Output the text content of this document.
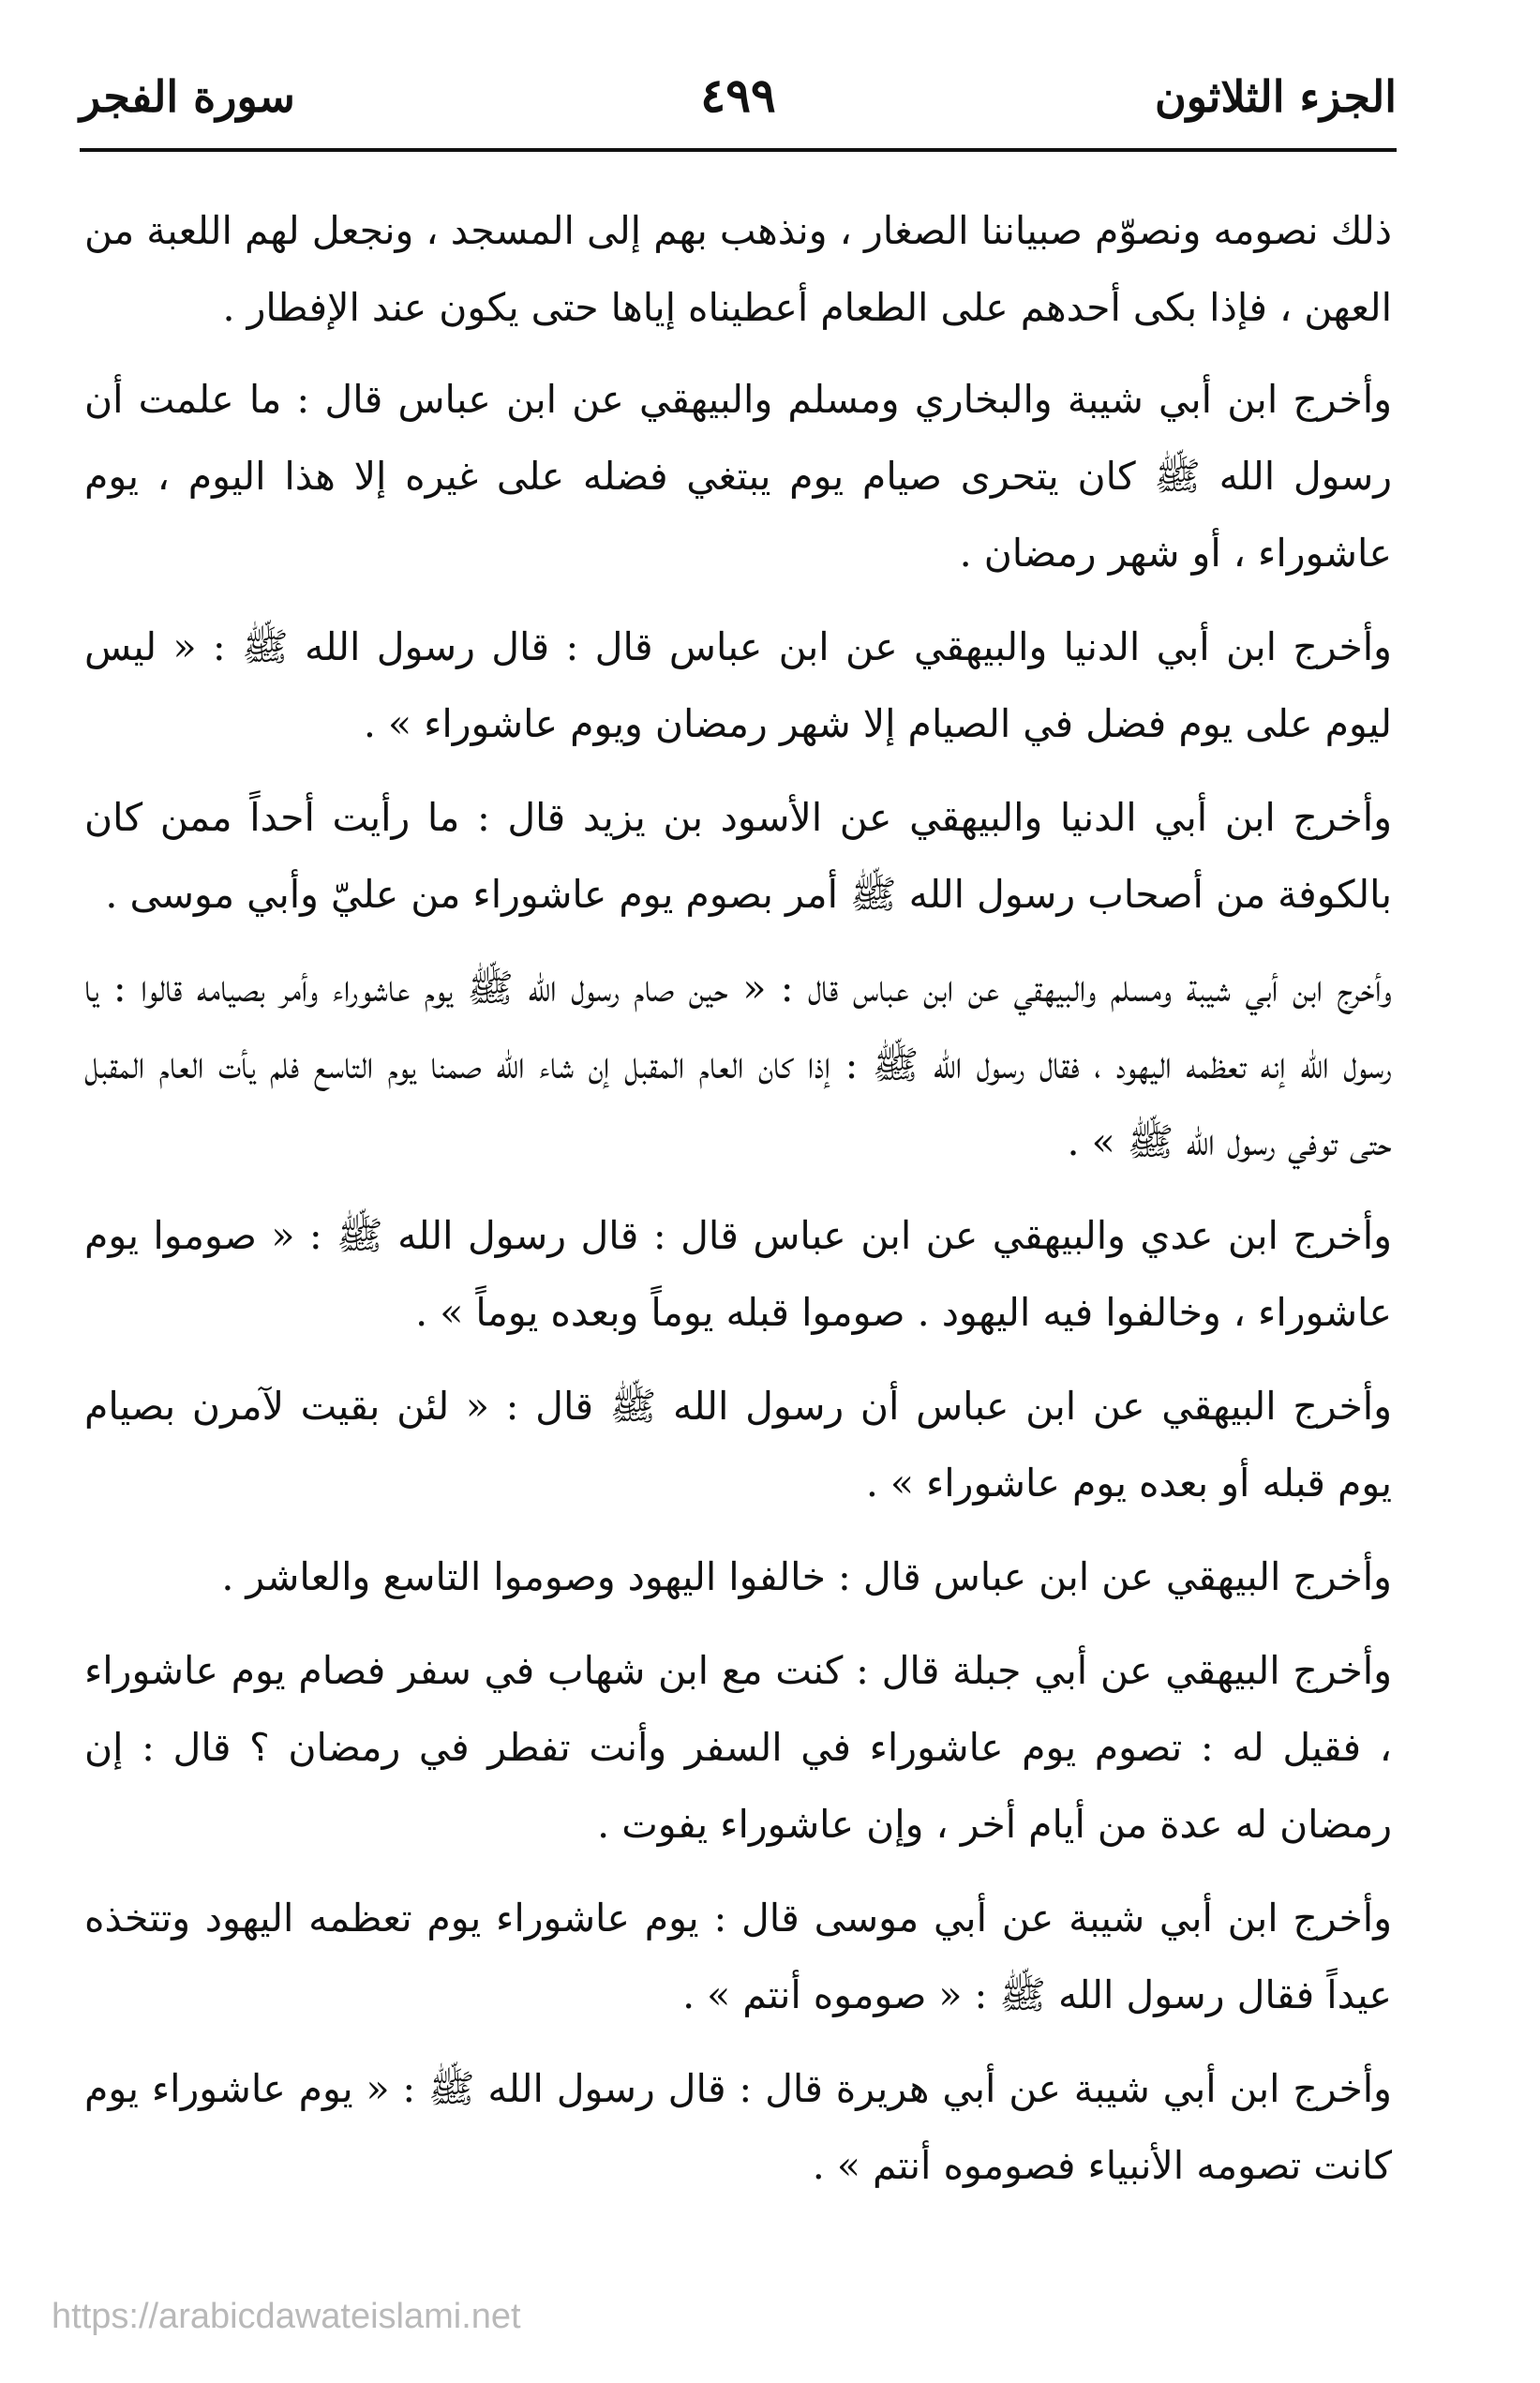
الجزء الثلاثون
٤٩٩
سورة الفجر

ذلك نصومه ونصوّم صبياننا الصغار ، ونذهب بهم إلى المسجد ، ونجعل لهم اللعبة من العهن ، فإذا بكى أحدهم على الطعام أعطيناه إياها حتى يكون عند الإفطار .

وأخرج ابن أبي شيبة والبخاري ومسلم والبيهقي عن ابن عباس قال : ما علمت أن رسول الله ﷺ كان يتحرى صيام يوم يبتغي فضله على غيره إلا هذا اليوم ، يوم عاشوراء ، أو شهر رمضان .

وأخرج ابن أبي الدنيا والبيهقي عن ابن عباس قال : قال رسول الله ﷺ : « ليس ليوم على يوم فضل في الصيام إلا شهر رمضان ويوم عاشوراء » .

وأخرج ابن أبي الدنيا والبيهقي عن الأسود بن يزيد قال : ما رأيت أحداً ممن كان بالكوفة من أصحاب رسول الله ﷺ أمر بصوم يوم عاشوراء من عليّ وأبي موسى .

وأخرج ابن أبي شيبة ومسلم والبيهقي عن ابن عباس قال : « حين صام رسول الله ﷺ يوم عاشوراء وأمر بصيامه قالوا : يا رسول الله إنه تعظمه اليهود ، فقال رسول الله ﷺ : إذا كان العام المقبل إن شاء الله صمنا يوم التاسع فلم يأت العام المقبل حتى توفي رسول الله ﷺ » .

وأخرج ابن عدي والبيهقي عن ابن عباس قال : قال رسول الله ﷺ : « صوموا يوم عاشوراء ، وخالفوا فيه اليهود . صوموا قبله يوماً وبعده يوماً » .

وأخرج البيهقي عن ابن عباس أن رسول الله ﷺ قال : « لئن بقيت لآمرن بصيام يوم قبله أو بعده يوم عاشوراء » .

وأخرج البيهقي عن ابن عباس قال : خالفوا اليهود وصوموا التاسع والعاشر .

وأخرج البيهقي عن أبي جبلة قال : كنت مع ابن شهاب في سفر فصام يوم عاشوراء ، فقيل له : تصوم يوم عاشوراء في السفر وأنت تفطر في رمضان ؟ قال : إن رمضان له عدة من أيام أخر ، وإن عاشوراء يفوت .

وأخرج ابن أبي شيبة عن أبي موسى قال : يوم عاشوراء يوم تعظمه اليهود وتتخذه عيداً فقال رسول الله ﷺ : « صوموه أنتم » .

وأخرج ابن أبي شيبة عن أبي هريرة قال : قال رسول الله ﷺ : « يوم عاشوراء يوم كانت تصومه الأنبياء فصوموه أنتم » .

https://arabicdawateislami.net
